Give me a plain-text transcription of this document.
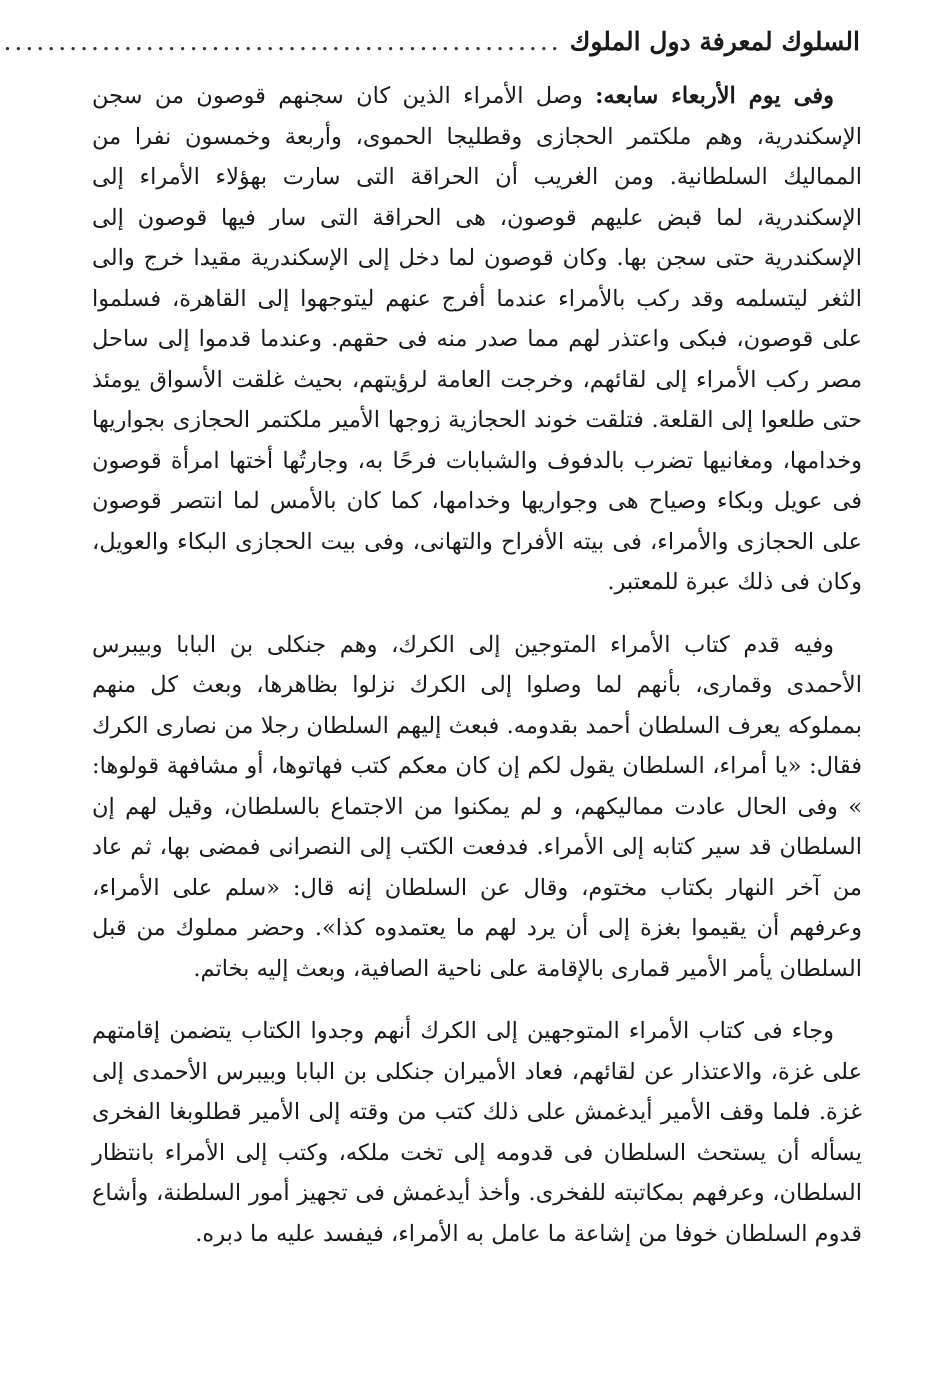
السلوك لمعرفة دول الملوك
...................................................

وفى يوم الأربعاء سابعه: وصل الأمراء الذين كان سجنهم قوصون من سجن الإسكندرية، وهم ملكتمر الحجازى وقطليجا الحموى، وأربعة وخمسون نفرا من المماليك السلطانية. ومن الغريب أن الحراقة التى سارت بهؤلاء الأمراء إلى الإسكندرية، لما قبض عليهم قوصون، هى الحراقة التى سار فيها قوصون إلى الإسكندرية حتى سجن بها. وكان قوصون لما دخل إلى الإسكندرية مقيدا خرج والى الثغر ليتسلمه وقد ركب بالأمراء عندما أفرج عنهم ليتوجهوا إلى القاهرة، فسلموا على قوصون، فبكى واعتذر لهم مما صدر منه فى حقهم. وعندما قدموا إلى ساحل مصر ركب الأمراء إلى لقائهم، وخرجت العامة لرؤيتهم، بحيث غلقت الأسواق يومئذ حتى طلعوا إلى القلعة. فتلقت خوند الحجازية زوجها الأمير ملكتمر الحجازى بجواريها وخدامها، ومغانيها تضرب بالدفوف والشبابات فرحًا به، وجارتُها أختها امرأة قوصون فى عويل وبكاء وصياح هى وجواريها وخدامها، كما كان بالأمس لما انتصر قوصون على الحجازى والأمراء، فى بيته الأفراح والتهانى، وفى بيت الحجازى البكاء والعويل، وكان فى ذلك عبرة للمعتبر.

وفيه قدم كتاب الأمراء المتوجين إلى الكرك، وهم جنكلى بن البابا وبيبرس الأحمدى وقمارى، بأنهم لما وصلوا إلى الكرك نزلوا بظاهرها، وبعث كل منهم بمملوكه يعرف السلطان أحمد بقدومه. فبعث إليهم السلطان رجلا من نصارى الكرك فقال: «يا أمراء، السلطان يقول لكم إن كان معكم كتب فهاتوها، أو مشافهة قولوها: » وفى الحال عادت مماليكهم، و لم يمكنوا من الاجتماع بالسلطان، وقيل لهم إن السلطان قد سير كتابه إلى الأمراء. فدفعت الكتب إلى النصرانى فمضى بها، ثم عاد من آخر النهار بكتاب مختوم، وقال عن السلطان إنه قال: «سلم على الأمراء، وعرفهم أن يقيموا بغزة إلى أن يرد لهم ما يعتمدوه كذا». وحضر مملوك من قبل السلطان يأمر الأمير قمارى بالإقامة على ناحية الصافية، وبعث إليه بخاتم.

وجاء فى كتاب الأمراء المتوجهين إلى الكرك أنهم وجدوا الكتاب يتضمن إقامتهم على غزة، والاعتذار عن لقائهم، فعاد الأميران جنكلى بن البابا وبيبرس الأحمدى إلى غزة. فلما وقف الأمير أيدغمش على ذلك كتب من وقته إلى الأمير قطلوبغا الفخرى يسأله أن يستحث السلطان فى قدومه إلى تخت ملكه، وكتب إلى الأمراء بانتظار السلطان، وعرفهم بمكاتبته للفخرى. وأخذ أيدغمش فى تجهيز أمور السلطنة، وأشاع قدوم السلطان خوفا من إشاعة ما عامل به الأمراء، فيفسد عليه ما دبره.
